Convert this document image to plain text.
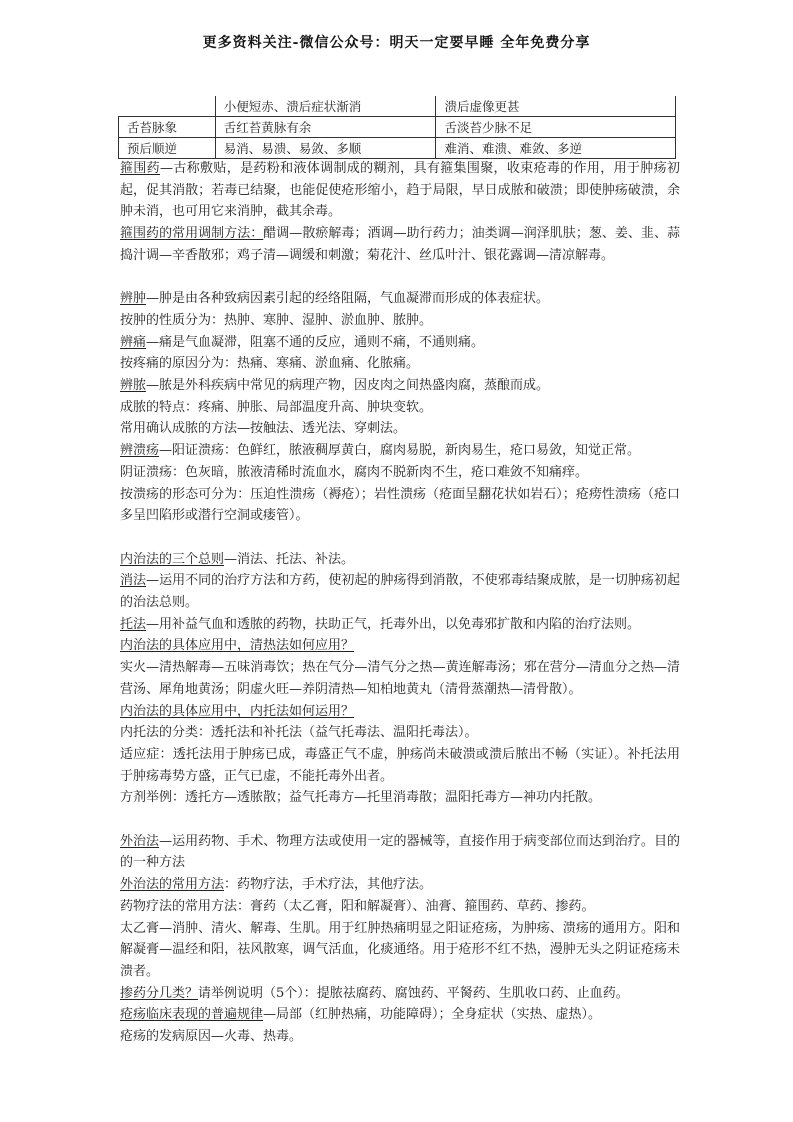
更多资料关注-微信公众号：明天一定要早睡 全年免费分享
	小便短赤、溃后症状渐消	溃后虚像更甚
舌苔脉象	舌红苔黄脉有余	舌淡苔少脉不足
预后顺逆	易消、易溃、易敛、多顺	难消、难溃、难敛、多逆

箍围药—古称敷贴，是药粉和液体调制成的糊剂，具有箍集围聚，收束疮毒的作用，用于肿疡初起，促其消散；若毒已结聚，也能促使疮形缩小，趋于局限，早日成脓和破溃；即使肿疡破溃，余肿未消，也可用它来消肿，截其余毒。

箍围药的常用调制方法：醋调—散瘀解毒；酒调—助行药力；油类调—润泽肌肤；葱、姜、韭、蒜捣汁调—辛香散邪；鸡子清—调缓和刺激；菊花汁、丝瓜叶汁、银花露调—清凉解毒。

辨肿—肿是由各种致病因素引起的经络阻隔，气血凝滞而形成的体表症状。

按肿的性质分为：热肿、寒肿、湿肿、淤血肿、脓肿。

辨痛—痛是气血凝滞，阻塞不通的反应，通则不痛，不通则痛。

按疼痛的原因分为：热痛、寒痛、淤血痛、化脓痛。

辨脓—脓是外科疾病中常见的病理产物，因皮肉之间热盛肉腐，蒸酿而成。

成脓的特点：疼痛、肿胀、局部温度升高、肿块变软。

常用确认成脓的方法—按触法、透光法、穿刺法。

辨溃疡—阳证溃疡：色鲜红，脓液稠厚黄白，腐肉易脱，新肉易生，疮口易敛，知觉正常。

阴证溃疡：色灰暗，脓液清稀时流血水，腐肉不脱新肉不生，疮口难敛不知痛痒。

按溃疡的形态可分为：压迫性溃疡（褥疮）；岩性溃疡（疮面呈翻花状如岩石）；疮痨性溃疡（疮口多呈凹陷形或潜行空洞或瘘管）。

内治法的三个总则—消法、托法、补法。

消法—运用不同的治疗方法和方药，使初起的肿疡得到消散，不使邪毒结聚成脓，是一切肿疡初起的治法总则。

托法—用补益气血和透脓的药物，扶助正气，托毒外出，以免毒邪扩散和内陷的治疗法则。

内治法的具体应用中，清热法如何应用？

实火—清热解毒—五味消毒饮；热在气分—清气分之热—黄连解毒汤；邪在营分—清血分之热—清营汤、犀角地黄汤；阴虚火旺—养阴清热—知柏地黄丸（清骨蒸潮热—清骨散）。

内治法的具体应用中，内托法如何运用？

内托法的分类：透托法和补托法（益气托毒法、温阳托毒法）。

适应症：透托法用于肿疡已成，毒盛正气不虚，肿疡尚未破溃或溃后脓出不畅（实证）。补托法用于肿疡毒势方盛，正气已虚，不能托毒外出者。

方剂举例：透托方—透脓散；益气托毒方—托里消毒散；温阳托毒方—神功内托散。

外治法—运用药物、手术、物理方法或使用一定的器械等，直接作用于病变部位而达到治疗。目的的一种方法

外治法的常用方法：药物疗法，手术疗法，其他疗法。

药物疗法的常用方法：膏药（太乙膏，阳和解凝膏）、油膏、箍围药、草药、掺药。

太乙膏—消肿、清火、解毒、生肌。用于红肿热痛明显之阳证疮疡，为肿疡、溃疡的通用方。阳和解凝膏—温经和阳，祛风散寒，调气活血，化痰通络。用于疮形不红不热，漫肿无头之阴证疮疡未溃者。

掺药分几类？请举例说明（5个）：提脓祛腐药、腐蚀药、平胬药、生肌收口药、止血药。

疮疡临床表现的普遍规律—局部（红肿热痛，功能障碍）；全身症状（实热、虚热）。

疮疡的发病原因—火毒、热毒。
